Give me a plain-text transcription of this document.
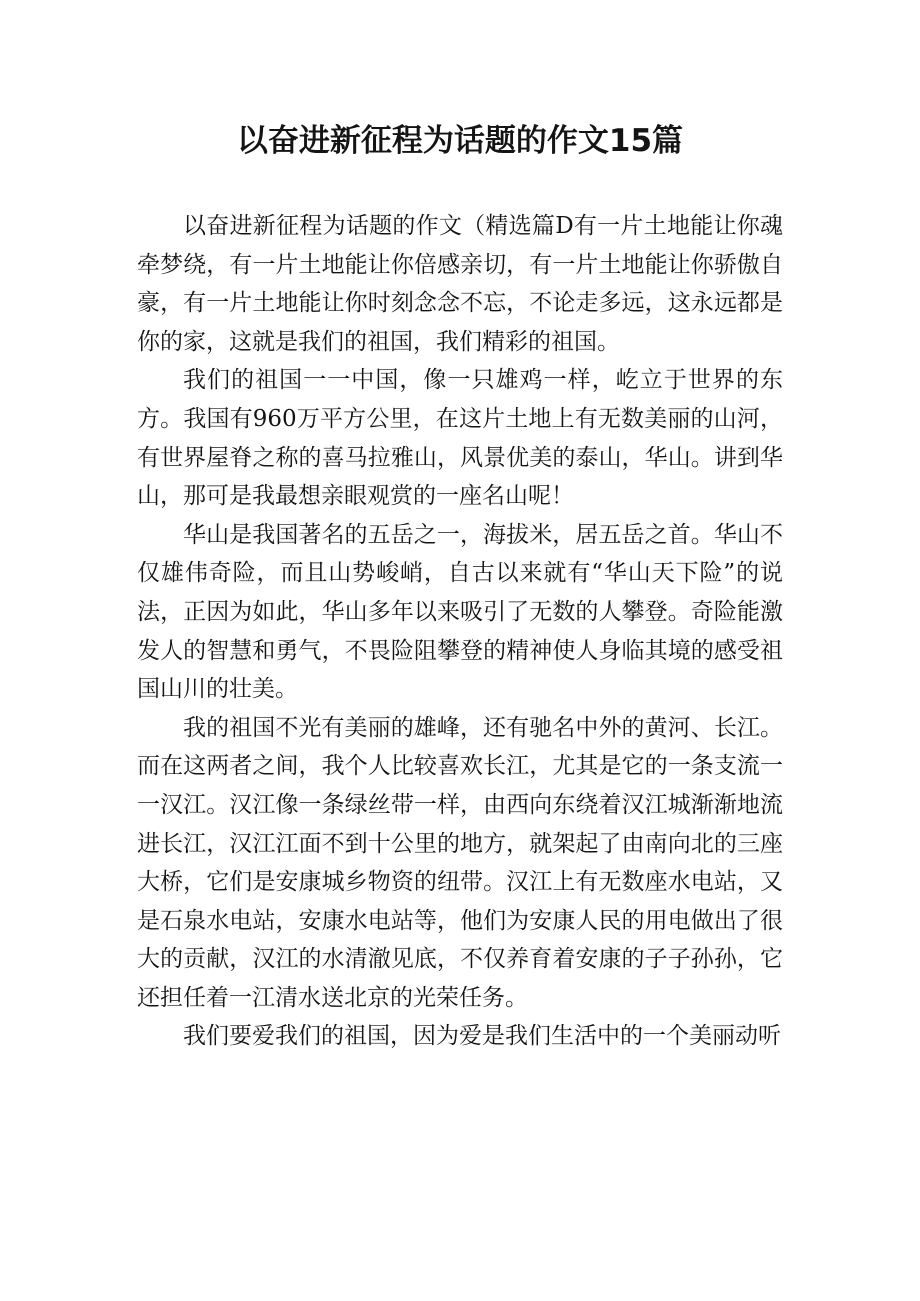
以奋进新征程为话题的作文15篇

以奋进新征程为话题的作文（精选篇D有一片土地能让你魂牵梦绕，有一片土地能让你倍感亲切，有一片土地能让你骄傲自豪，有一片土地能让你时刻念念不忘，不论走多远，这永远都是你的家，这就是我们的祖国，我们精彩的祖国。

我们的祖国一一中国，像一只雄鸡一样，屹立于世界的东方。我国有960万平方公里，在这片土地上有无数美丽的山河，有世界屋脊之称的喜马拉雅山，风景优美的泰山，华山。讲到华山，那可是我最想亲眼观赏的一座名山呢！

华山是我国著名的五岳之一，海拔米，居五岳之首。华山不仅雄伟奇险，而且山势峻峭，自古以来就有“华山天下险”的说法，正因为如此，华山多年以来吸引了无数的人攀登。奇险能激发人的智慧和勇气，不畏险阻攀登的精神使人身临其境的感受祖国山川的壮美。

我的祖国不光有美丽的雄峰，还有驰名中外的黄河、长江。而在这两者之间，我个人比较喜欢长江，尤其是它的一条支流一一汉江。汉江像一条绿丝带一样，由西向东绕着汉江城渐渐地流进长江，汉江江面不到十公里的地方，就架起了由南向北的三座大桥，它们是安康城乡物资的纽带。汉江上有无数座水电站，又是石泉水电站，安康水电站等，他们为安康人民的用电做出了很大的贡献，汉江的水清澈见底，不仅养育着安康的子子孙孙，它还担任着一江清水送北京的光荣任务。

我们要爱我们的祖国，因为爱是我们生活中的一个美丽动听
